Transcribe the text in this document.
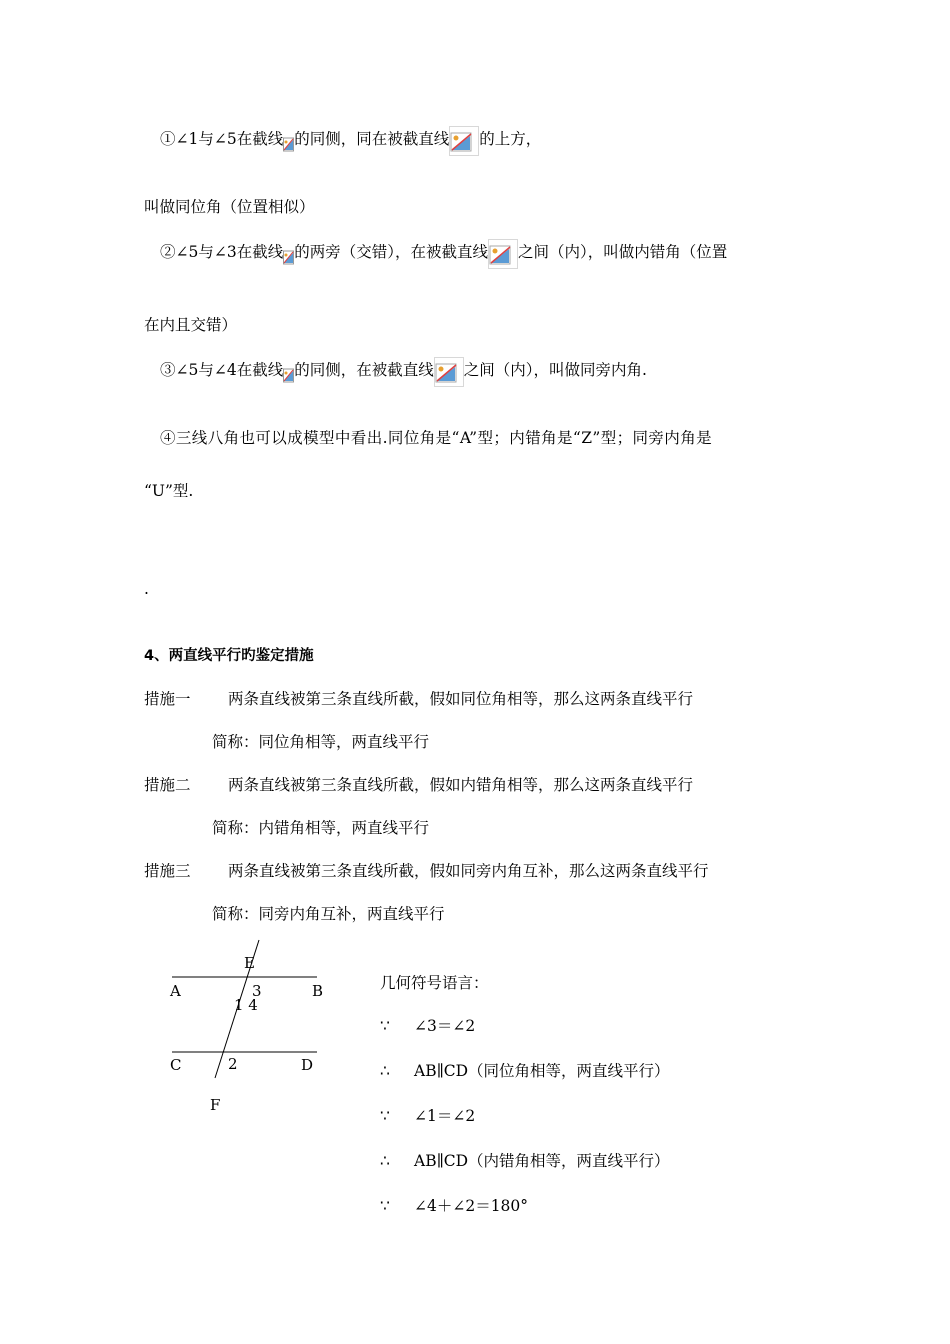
①∠1与∠5在截线 的同侧，同在被截直线 的上方，
叫做同位角（位置相似）
②∠5与∠3在截线 的两旁（交错），在被截直线 之间（内），叫做内错角（位置
在内且交错）
③∠5与∠4在截线 的同侧，在被截直线 之间（内），叫做同旁内角.
④三线八角也可以成模型中看出.同位角是“A”型；内错角是“Z”型；同旁内角是
“U”型.
.
4、两直线平行旳鉴定措施
措施一 两条直线被第三条直线所截，假如同位角相等，那么这两条直线平行
简称：同位角相等，两直线平行
措施二 两条直线被第三条直线所截，假如内错角相等，那么这两条直线平行
简称：内错角相等，两直线平行
措施三 两条直线被第三条直线所截，假如同旁内角互补，那么这两条直线平行
简称：同旁内角互补，两直线平行
E
A	B
3
1 4
C	D
2
F
几何符号语言：
∵ ∠3＝∠2
∴ AB∥CD（同位角相等，两直线平行）
∵ ∠1＝∠2
∴ AB∥CD（内错角相等，两直线平行）
∵ ∠4＋∠2＝180°
